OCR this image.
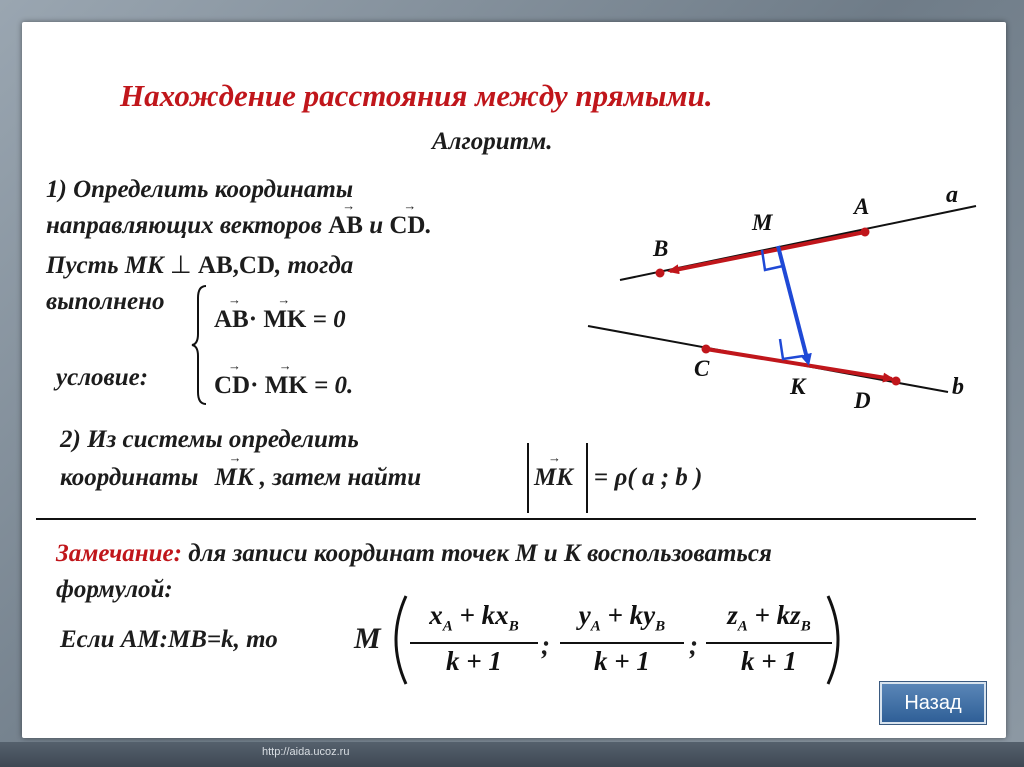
Нахождение расстояния между прямыми.
Алгоритм.
1) Определить координаты
направляющих векторов
→
AB и
→
CD.
Пусть MK ⊥ AB,CD, тогда
выполнено
условие:
→
AB·
→
MK = 0
→
CD·
→
MK = 0.
a
b
A
B
M
C
К
D
2) Из системы определить
координаты
→
MK , затем найти
→
MK = ρ( a ; b )
Замечание: для записи координат точек М и К воспользоваться
формулой:
Если AM:MB=k, то	M
$x_A + kx_B$
k + 1
;
$y_A + ky_B$
k + 1
;
$z_A + kz_B$
k + 1
Назад
http://aida.ucoz.ru
